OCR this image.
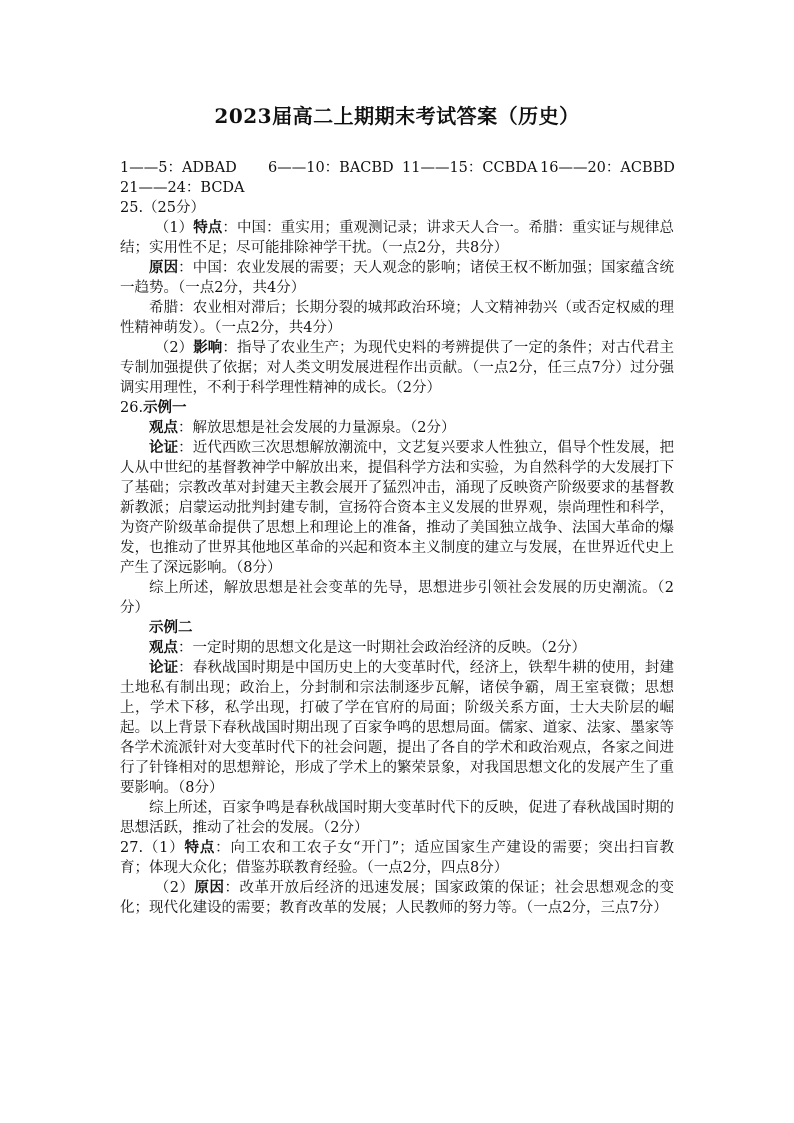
2023届高二上期期末考试答案（历史）
1——5：ADBAD	6——10：BACBD 11——15：CCBDA 16——20：ACBBD
21——24：BCDA
25.（25分）

（1）特点：中国：重实用；重观测记录；讲求天人合一。希腊：重实证与规律总结；实用性不足；尽可能排除神学干扰。（一点2分，共8分）

原因：中国：农业发展的需要；天人观念的影响；诸侯王权不断加强；国家蕴含统一趋势。（一点2分，共4分）

希腊：农业相对滞后；长期分裂的城邦政治环境；人文精神勃兴（或否定权威的理性精神萌发）。（一点2分，共4分）

（2）影响：指导了农业生产；为现代史料的考辨提供了一定的条件；对古代君主专制加强提供了依据；对人类文明发展进程作出贡献。（一点2分，任三点7分）过分强调实用理性，不利于科学理性精神的成长。（2分）

26.示例一

观点：解放思想是社会发展的力量源泉。（2分）

论证：近代西欧三次思想解放潮流中，文艺复兴要求人性独立，倡导个性发展，把人从中世纪的基督教神学中解放出来，提倡科学方法和实验，为自然科学的大发展打下了基础；宗教改革对封建天主教会展开了猛烈冲击，涌现了反映资产阶级要求的基督教新教派；启蒙运动批判封建专制，宣扬符合资本主义发展的世界观，崇尚理性和科学，为资产阶级革命提供了思想上和理论上的准备，推动了美国独立战争、法国大革命的爆发，也推动了世界其他地区革命的兴起和资本主义制度的建立与发展，在世界近代史上产生了深远影响。（8分）

综上所述，解放思想是社会变革的先导，思想进步引领社会发展的历史潮流。（2分）

示例二

观点：一定时期的思想文化是这一时期社会政治经济的反映。（2分）

论证：春秋战国时期是中国历史上的大变革时代，经济上，铁犁牛耕的使用，封建土地私有制出现；政治上，分封制和宗法制逐步瓦解，诸侯争霸，周王室衰微；思想上，学术下移，私学出现，打破了学在官府的局面；阶级关系方面，士大夫阶层的崛起。以上背景下春秋战国时期出现了百家争鸣的思想局面。儒家、道家、法家、墨家等各学术流派针对大变革时代下的社会问题，提出了各自的学术和政治观点，各家之间进行了针锋相对的思想辩论，形成了学术上的繁荣景象，对我国思想文化的发展产生了重要影响。（8分）

综上所述，百家争鸣是春秋战国时期大变革时代下的反映，促进了春秋战国时期的思想活跃，推动了社会的发展。（2分）

27.（1）特点：向工农和工农子女“开门”；适应国家生产建设的需要；突出扫盲教育；体现大众化；借鉴苏联教育经验。（一点2分，四点8分）

（2）原因：改革开放后经济的迅速发展；国家政策的保证；社会思想观念的变化；现代化建设的需要；教育改革的发展；人民教师的努力等。（一点2分，三点7分）
